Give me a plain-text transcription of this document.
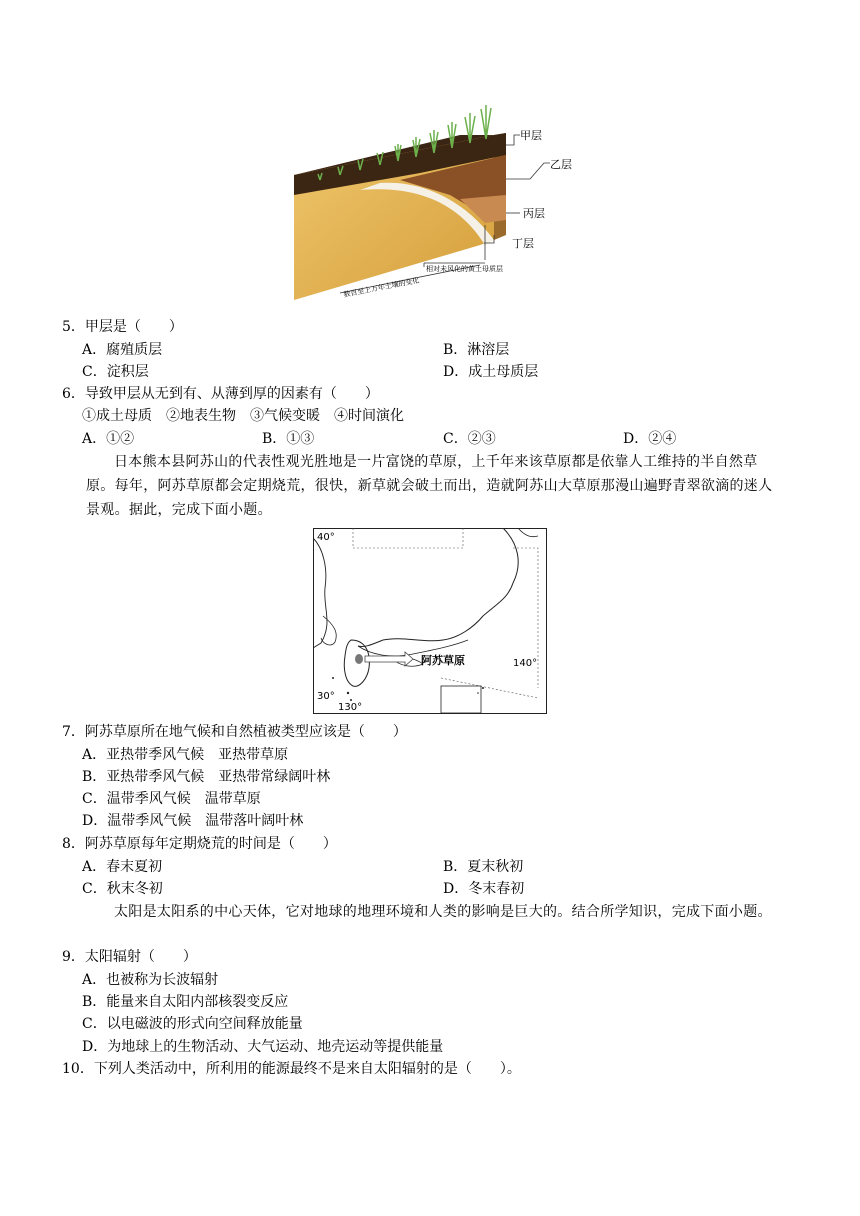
甲层
乙层
丙层
丁层
相对未风化的黄土母质层
数百至上万年土壤的变化
5．甲层是（　　）
A．腐殖质层	B．淋溶层
C．淀积层	D．成土母质层
6．导致甲层从无到有、从薄到厚的因素有（　　）
①成土母质　②地表生物　③气候变暖　④时间演化
A．①②	B．①③	C．②③	D．②④
日本熊本县阿苏山的代表性观光胜地是一片富饶的草原，上千年来该草原都是依靠人工维持的半自然草原。每年，阿苏草原都会定期烧荒，很快，新草就会破土而出，造就阿苏山大草原那漫山遍野青翠欲滴的迷人景观。据此，完成下面小题。
40°
30°
130°
140°
阿苏草原
7．阿苏草原所在地气候和自然植被类型应该是（　　）
A．亚热带季风气候　亚热带草原
B．亚热带季风气候　亚热带常绿阔叶林
C．温带季风气候　温带草原
D．温带季风气候　温带落叶阔叶林
8．阿苏草原每年定期烧荒的时间是（　　）
A．春末夏初	B．夏末秋初
C．秋末冬初	D．冬末春初
太阳是太阳系的中心天体，它对地球的地理环境和人类的影响是巨大的。结合所学知识，完成下面小题。
9．太阳辐射（　　）
A．也被称为长波辐射
B．能量来自太阳内部核裂变反应
C．以电磁波的形式向空间释放能量
D．为地球上的生物活动、大气运动、地壳运动等提供能量
10．下列人类活动中，所利用的能源最终不是来自太阳辐射的是（　　）。
